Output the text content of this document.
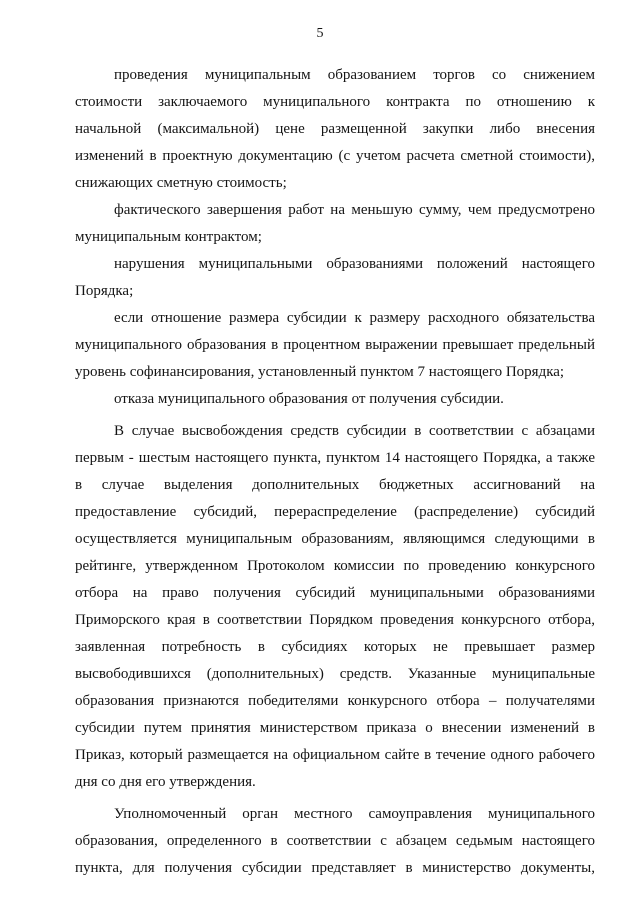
5
проведения муниципальным образованием торгов со снижением
стоимости заключаемого муниципального контракта по отношению к
начальной (максимальной) цене размещенной закупки либо внесения
изменений в проектную документацию (с учетом расчета сметной стоимости),
снижающих сметную стоимость;
фактического завершения работ на меньшую сумму, чем предусмотрено
муниципальным контрактом;
нарушения муниципальными образованиями положений настоящего
Порядка;
если отношение размера субсидии к размеру расходного обязательства
муниципального образования в процентном выражении превышает предельный
уровень софинансирования, установленный пунктом 7 настоящего Порядка;
отказа муниципального образования от получения субсидии.
В случае высвобождения средств субсидии в соответствии с абзацами
первым - шестым настоящего пункта, пунктом 14 настоящего Порядка, а также
в случае выделения дополнительных бюджетных ассигнований на
предоставление субсидий, перераспределение (распределение) субсидий
осуществляется муниципальным образованиям, являющимся следующими в
рейтинге, утвержденном Протоколом комиссии по проведению конкурсного
отбора на право получения субсидий муниципальными образованиями
Приморского края в соответствии Порядком проведения конкурсного отбора,
заявленная потребность в субсидиях которых не превышает размер
высвободившихся (дополнительных) средств. Указанные муниципальные
образования признаются победителями конкурсного отбора – получателями
субсидии путем принятия министерством приказа о внесении изменений в
Приказ, который размещается на официальном сайте в течение одного рабочего
дня со дня его утверждения.
Уполномоченный орган местного самоуправления муниципального
образования, определенного в соответствии с абзацем седьмым настоящего
пункта, для получения субсидии представляет в министерство документы,
